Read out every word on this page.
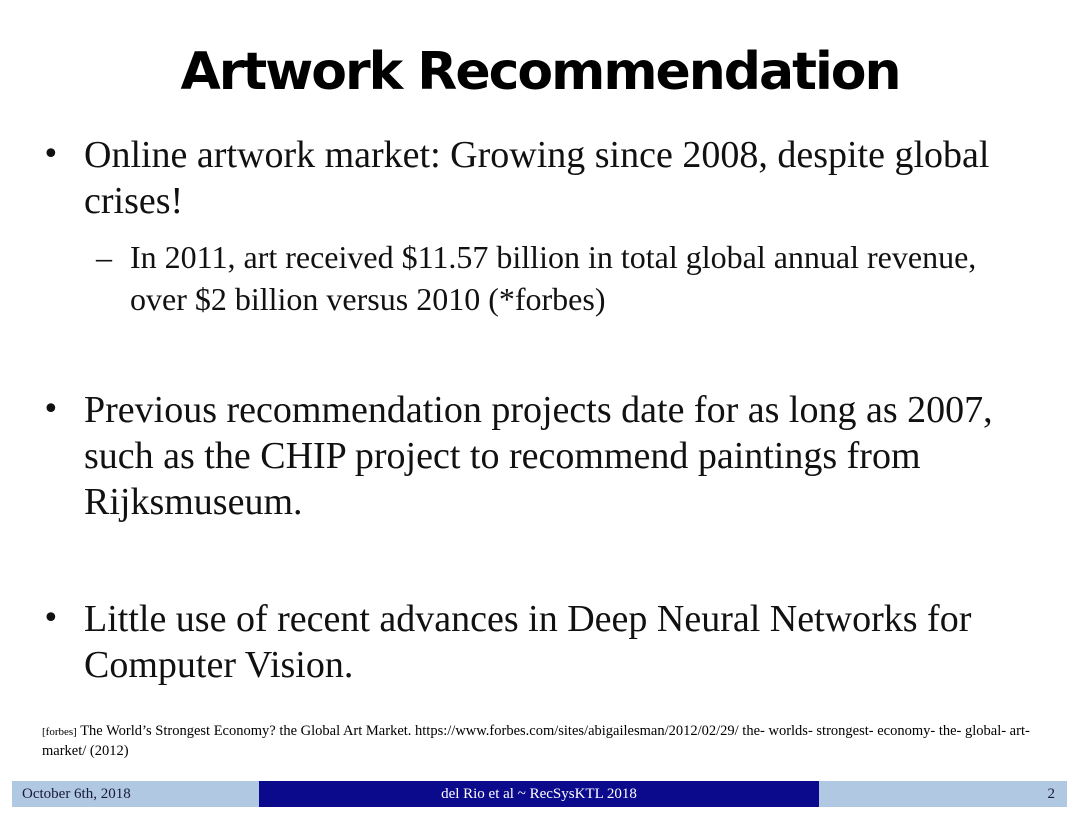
Artwork Recommendation
• Online artwork market: Growing since 2008, despite global crises!
– In 2011, art received $11.57 billion in total global annual revenue, over $2 billion versus 2010 (*forbes)
• Previous recommendation projects date for as long as 2007, such as the CHIP project to recommend paintings from Rijksmuseum.
• Little use of recent advances in Deep Neural Networks for Computer Vision.
[forbes] The World’s Strongest Economy? the Global Art Market. https://www.forbes.com/sites/abigailesman/2012/02/29/ the- worlds- strongest- economy- the- global- art- market/ (2012)
October 6th, 2018	del Rio et al ~ RecSysKTL 2018	2
